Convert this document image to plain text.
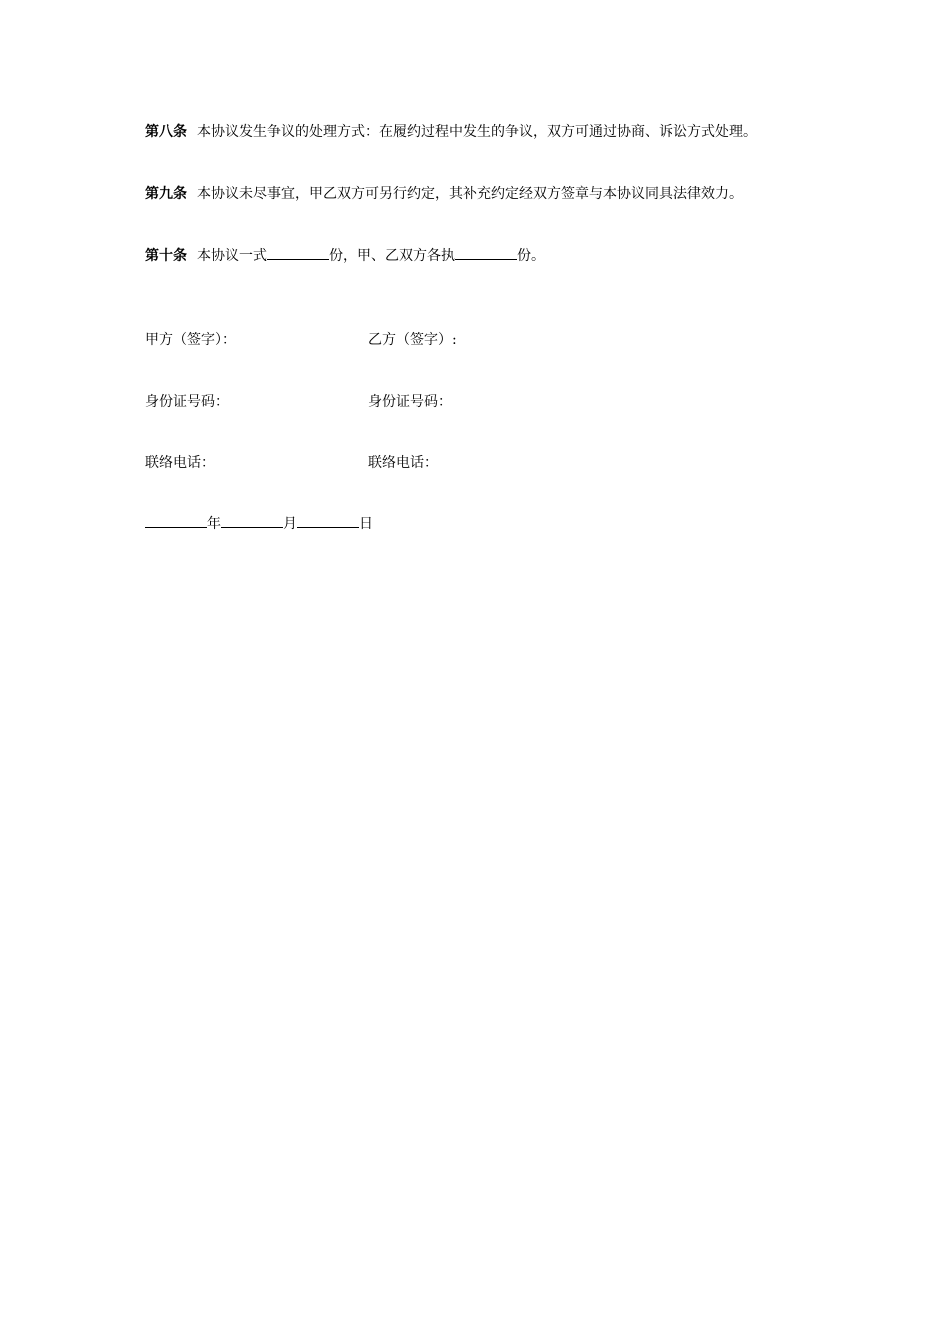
第八条 本协议发生争议的处理方式：在履约过程中发生的争议，双方可通过协商、诉讼方式处理。
第九条 本协议未尽事宜，甲乙双方可另行约定，其补充约定经双方签章与本协议同具法律效力。
第十条 本协议一式	份，甲、乙双方各执	份。
甲方（签字）：	乙方（签字）:
身份证号码：	身份证号码：
联络电话：	联络电话：
年	月	日
